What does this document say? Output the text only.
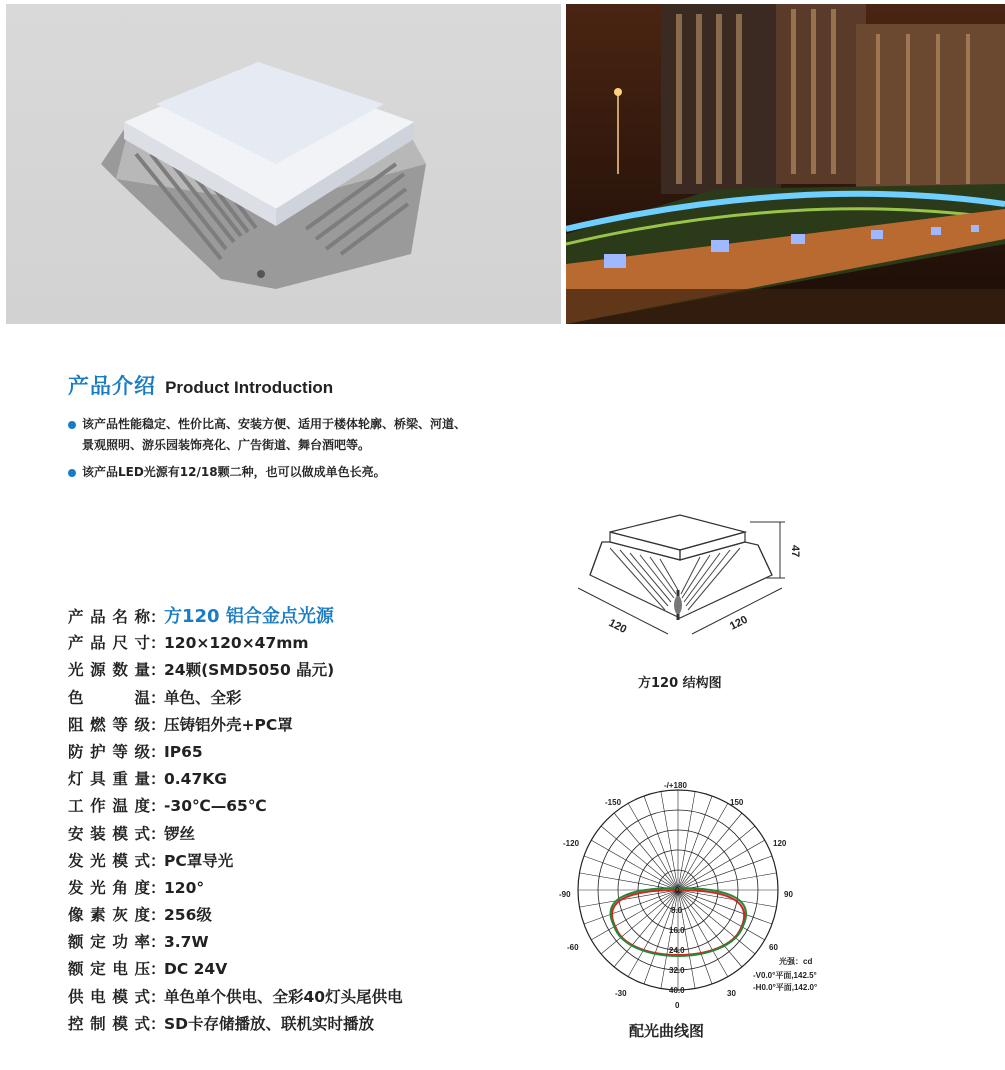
产品介绍 Product Introduction
该产品性能稳定、性价比高、安装方便、适用于楼体轮廓、桥梁、河道、
景观照明、游乐园装饰亮化、广告街道、舞台酒吧等。
该产品LED光源有12/18颗二种，也可以做成单色长亮。
产品名称：方120 铝合金点光源
产品尺寸：120×120×47mm
光源数量：24颗(SMD5050 晶元)
色　　温：单色、全彩
阻燃等级：压铸铝外壳+PC罩
防护等级：IP65
灯具重量：0.47KG
工作温度：-30℃—65℃
安装模式：锣丝
发光模式：PC罩导光
发光角度：120°
像素灰度：256级
额定功率：3.7W
额定电压：DC 24V
供电模式：单色单个供电、全彩40灯头尾供电
控制模式：SD卡存储播放、联机实时播放
120	120
47
方120 结构图
-/+180
-150	150
-120	120
-90	90
-60	60
-30	30
0
0
8.0
16.0
24.0
32.0
40.0
光强：cd
-V0.0°平面,142.5°
-H0.0°平面,142.0°
配光曲线图
